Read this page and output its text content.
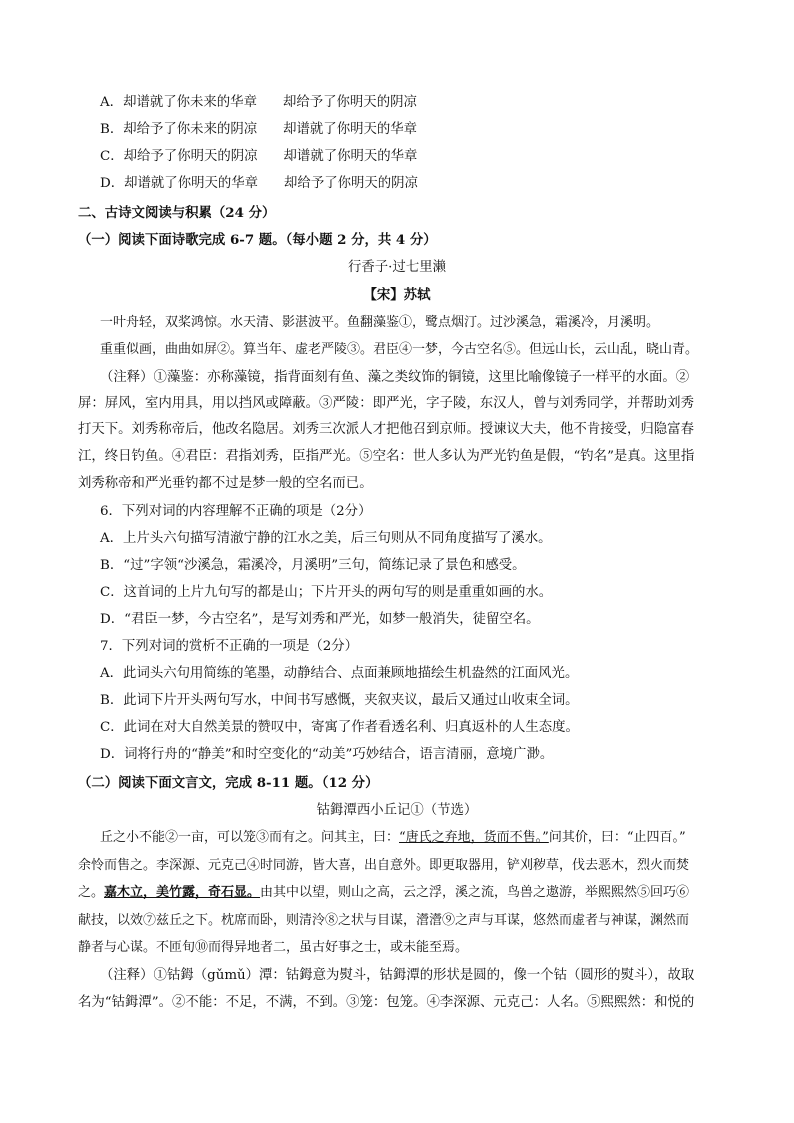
A．却谱就了你未来的华章 却给予了你明天的阴凉
B．却给予了你未来的阴凉 却谱就了你明天的华章
C．却给予了你明天的阴凉 却谱就了你明天的华章
D．却谱就了你明天的华章 却给予了你明天的阴凉
二、古诗文阅读与积累（24 分）
（一）阅读下面诗歌完成 6-7 题。（每小题 2 分，共 4 分）
行香子·过七里濑
【宋】苏轼
一叶舟轻，双桨鸿惊。水天清、影湛波平。鱼翻藻鉴①，鹭点烟汀。过沙溪急，霜溪冷，月溪明。
重重似画，曲曲如屏②。算当年、虚老严陵③。君臣④一梦，今古空名⑤。但远山长，云山乱，晓山青。
（注释）①藻鉴：亦称藻镜，指背面刻有鱼、藻之类纹饰的铜镜，这里比喻像镜子一样平的水面。②
屏：屏风，室内用具，用以挡风或障蔽。③严陵：即严光，字子陵，东汉人，曾与刘秀同学，并帮助刘秀
打天下。刘秀称帝后，他改名隐居。刘秀三次派人才把他召到京师。授谏议大夫，他不肯接受，归隐富春
江，终日钓鱼。④君臣：君指刘秀，臣指严光。⑤空名：世人多认为严光钓鱼是假，“钓名”是真。这里指
刘秀称帝和严光垂钓都不过是梦一般的空名而已。
6．下列对词的内容理解不正确的项是（2分）
A．上片头六句描写清澈宁静的江水之美，后三句则从不同角度描写了溪水。
B．“过”字领“沙溪急，霜溪冷，月溪明”三句，简练记录了景色和感受。
C．这首词的上片九句写的都是山；下片开头的两句写的则是重重如画的水。
D．“君臣一梦，今古空名”，是写刘秀和严光，如梦一般消失，徒留空名。
7．下列对词的赏析不正确的一项是（2分）
A．此词头六句用简练的笔墨，动静结合、点面兼顾地描绘生机盎然的江面风光。
B．此词下片开头两句写水，中间书写感慨，夹叙夹议，最后又通过山收束全词。
C．此词在对大自然美景的赞叹中，寄寓了作者看透名利、归真返朴的人生态度。
D．词将行舟的“静美”和时空变化的“动美”巧妙结合，语言清丽，意境广渺。
（二）阅读下面文言文，完成 8-11 题。（12 分）
钴鉧潭西小丘记①（节选）
丘之小不能②一亩，可以笼③而有之。问其主，曰：“唐氏之弃地，货而不售。”问其价，曰：“止四百。”
余怜而售之。李深源、元克己④时同游，皆大喜，出自意外。即更取器用，铲刈秽草，伐去恶木，烈火而焚
之。嘉木立，美竹露，奇石显。由其中以望，则山之高，云之浮，溪之流，鸟兽之遨游，举熙熙然⑤回巧⑥
献技，以效⑦兹丘之下。枕席而卧，则清泠⑧之状与目谋，瀯瀯⑨之声与耳谋，悠然而虚者与神谋，渊然而
静者与心谋。不匝旬⑩而得异地者二，虽古好事之士，或未能至焉。
（注释）①钴鉧（gǔmǔ）潭：钴鉧意为熨斗，钴鉧潭的形状是圆的，像一个钴（圆形的熨斗），故取
名为“钴鉧潭”。②不能：不足，不满，不到。③笼：包笼。④李深源、元克己：人名。⑤熙熙然：和悦的
